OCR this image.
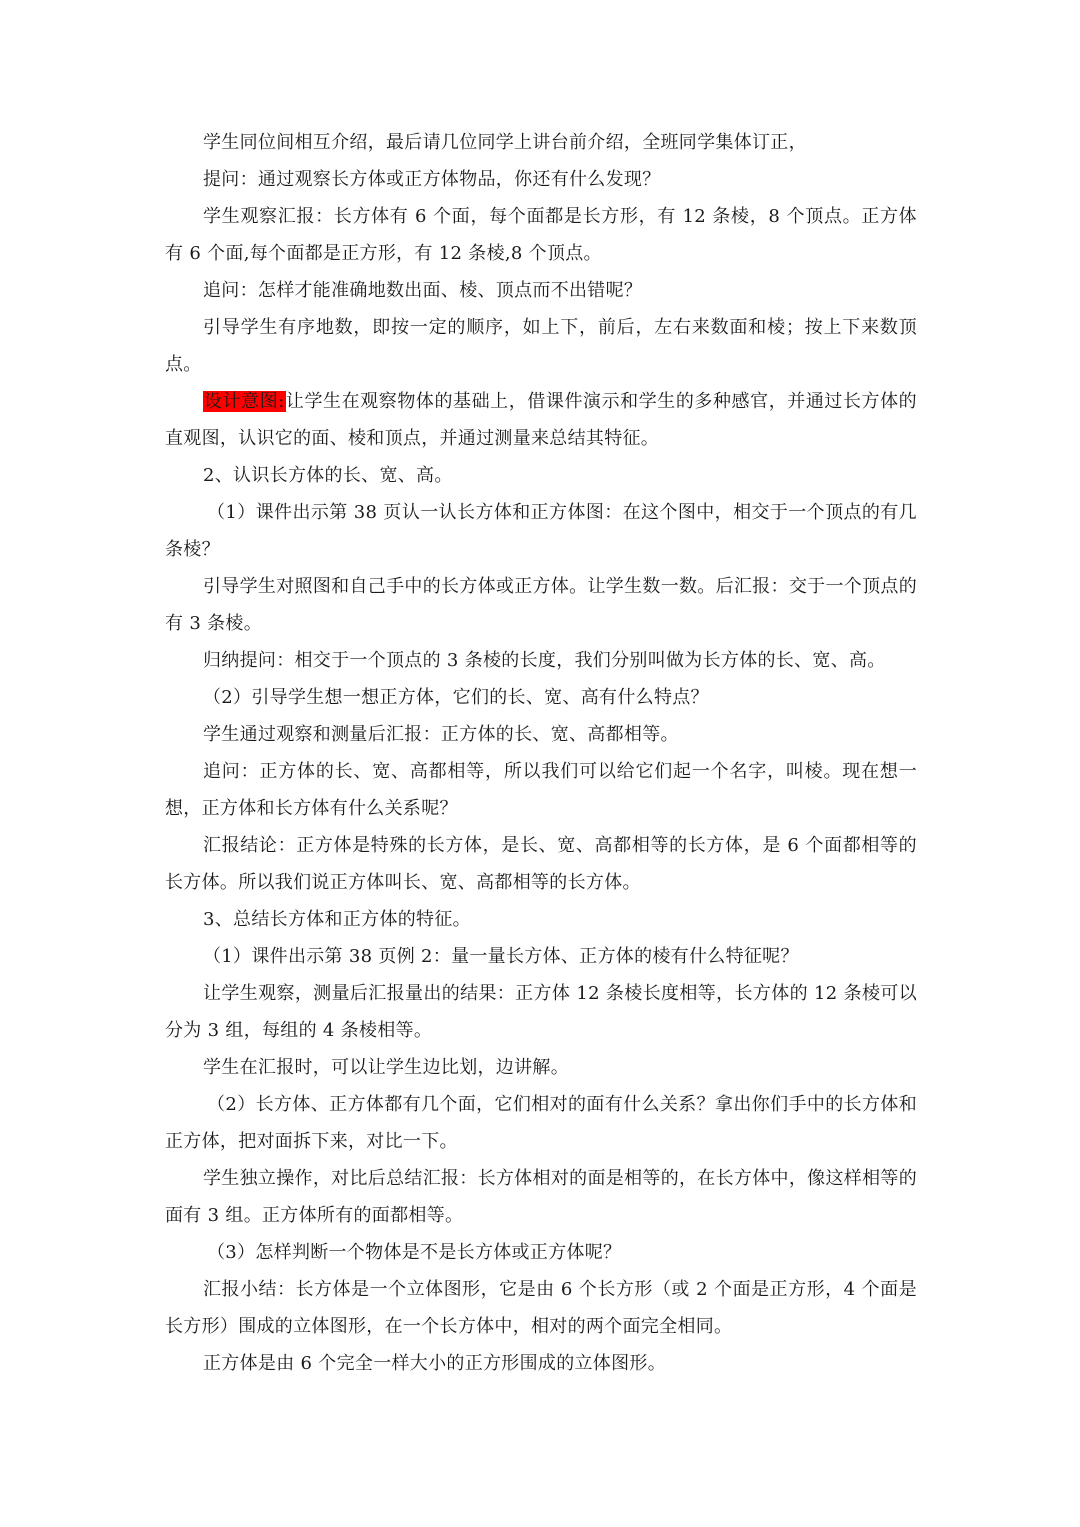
学生同位间相互介绍，最后请几位同学上讲台前介绍，全班同学集体订正，

提问：通过观察长方体或正方体物品，你还有什么发现？

学生观察汇报：长方体有 6 个面，每个面都是长方形，有 12 条棱，8 个顶点。正方体有 6 个面,每个面都是正方形，有 12 条棱,8 个顶点。

追问：怎样才能准确地数出面、棱、顶点而不出错呢？

引导学生有序地数，即按一定的顺序，如上下，前后，左右来数面和棱；按上下来数顶点。

设计意图:让学生在观察物体的基础上，借课件演示和学生的多种感官，并通过长方体的直观图，认识它的面、棱和顶点，并通过测量来总结其特征。

2、认识长方体的长、宽、高。

（1）课件出示第 38 页认一认长方体和正方体图：在这个图中，相交于一个顶点的有几条棱？

引导学生对照图和自己手中的长方体或正方体。让学生数一数。后汇报：交于一个顶点的有 3 条棱。

归纳提问：相交于一个顶点的 3 条棱的长度，我们分别叫做为长方体的长、宽、高。

（2）引导学生想一想正方体，它们的长、宽、高有什么特点？

学生通过观察和测量后汇报：正方体的长、宽、高都相等。

追问：正方体的长、宽、高都相等，所以我们可以给它们起一个名字，叫棱。现在想一想，正方体和长方体有什么关系呢？

汇报结论：正方体是特殊的长方体，是长、宽、高都相等的长方体，是 6 个面都相等的长方体。所以我们说正方体叫长、宽、高都相等的长方体。

3、总结长方体和正方体的特征。

（1）课件出示第 38 页例 2：量一量长方体、正方体的棱有什么特征呢？

让学生观察，测量后汇报量出的结果：正方体 12 条棱长度相等，长方体的 12 条棱可以分为 3 组，每组的 4 条棱相等。

学生在汇报时，可以让学生边比划，边讲解。

（2）长方体、正方体都有几个面，它们相对的面有什么关系？拿出你们手中的长方体和正方体，把对面拆下来，对比一下。

学生独立操作，对比后总结汇报：长方体相对的面是相等的，在长方体中，像这样相等的面有 3 组。正方体所有的面都相等。

（3）怎样判断一个物体是不是长方体或正方体呢？

汇报小结：长方体是一个立体图形，它是由 6 个长方形（或 2 个面是正方形，4 个面是长方形）围成的立体图形，在一个长方体中，相对的两个面完全相同。

正方体是由 6 个完全一样大小的正方形围成的立体图形。
